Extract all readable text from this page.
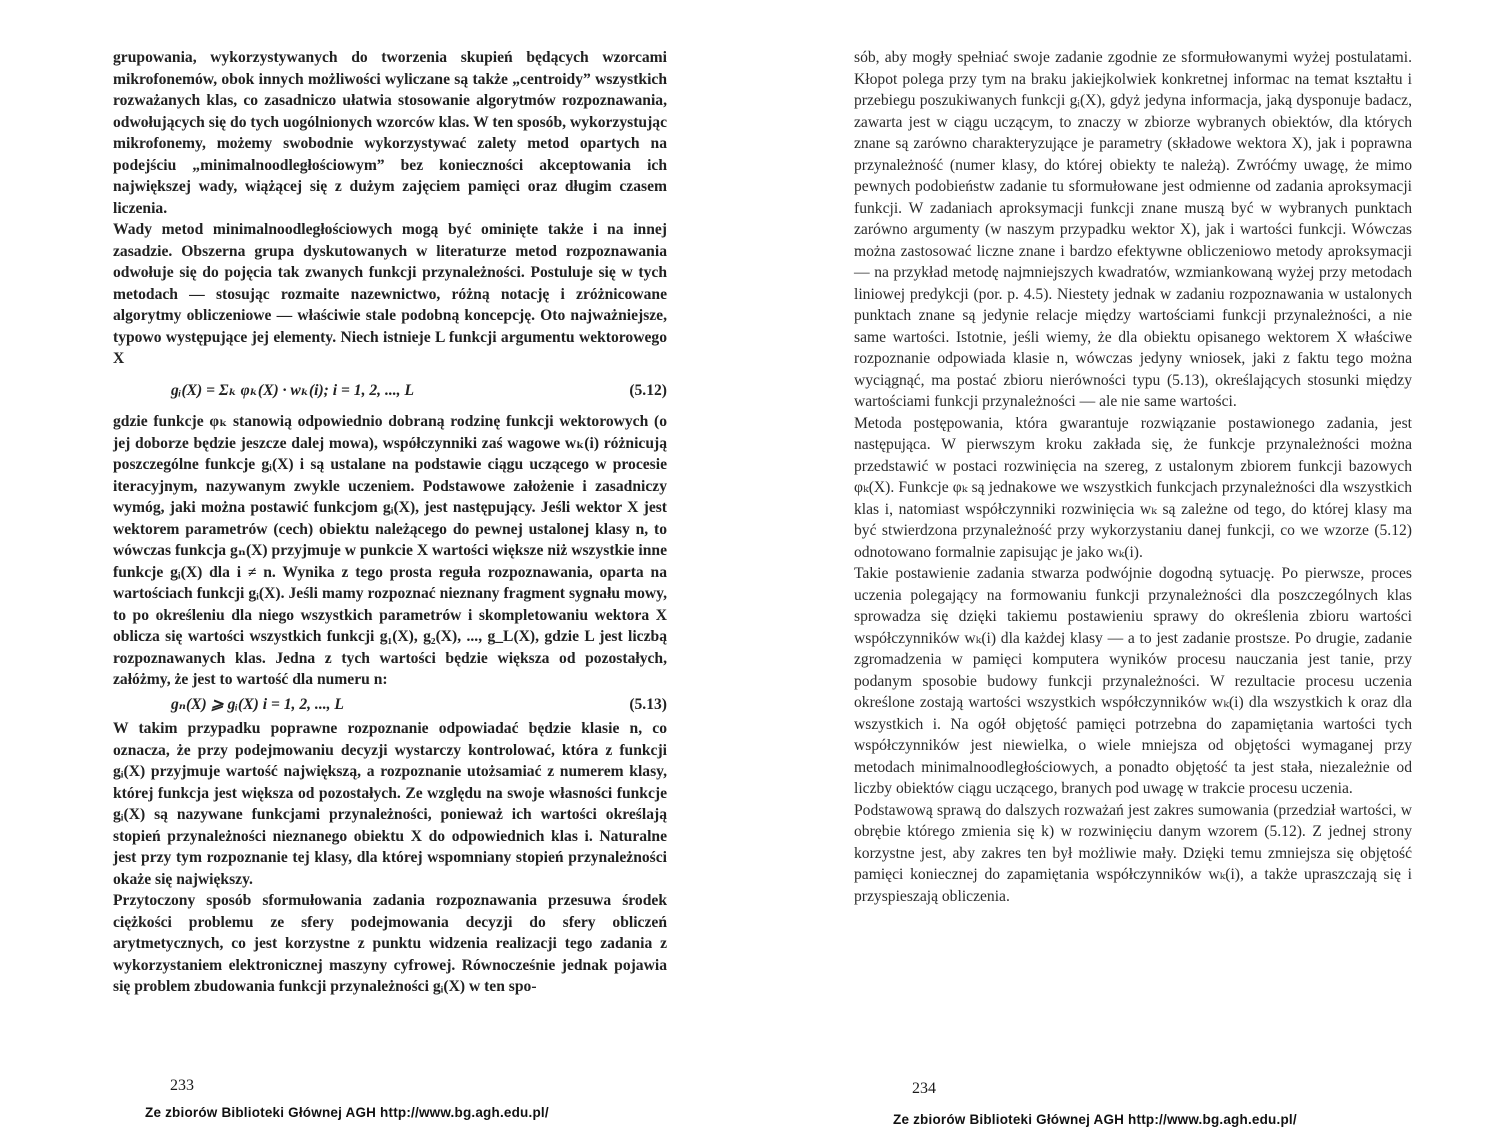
grupowania, wykorzystywanych do tworzenia skupień będących wzorcami mikrofonemów, obok innych możliwości wyliczane są także „centroidy” wszystkich rozważanych klas, co zasadniczo ułatwia stosowanie algorytmów rozpoznawania, odwołujących się do tych uogólnionych wzorców klas. W ten sposób, wykorzystując mikrofonemy, możemy swobodnie wykorzystywać zalety metod opartych na podejściu „minimalnoodległościowym” bez konieczności akceptowania ich największej wady, wiążącej się z dużym zajęciem pamięci oraz długim czasem liczenia.

Wady metod minimalnoodległościowych mogą być ominięte także i na innej zasadzie. Obszerna grupa dyskutowanych w literaturze metod rozpoznawania odwołuje się do pojęcia tak zwanych funkcji przynależności. Postuluje się w tych metodach — stosując rozmaite nazewnictwo, różną notację i zróżnicowane algorytmy obliczeniowe — właściwie stale podobną koncepcję. Oto najważniejsze, typowo występujące jej elementy. Niech istnieje L funkcji argumentu wektorowego X

gᵢ(X) = Σₖ φₖ(X) · wₖ(i); i = 1, 2, ..., L	(5.12)

gdzie funkcje φₖ stanowią odpowiednio dobraną rodzinę funkcji wektorowych (o jej doborze będzie jeszcze dalej mowa), współczynniki zaś wagowe wₖ(i) różnicują poszczególne funkcje gᵢ(X) i są ustalane na podstawie ciągu uczącego w procesie iteracyjnym, nazywanym zwykle uczeniem. Podstawowe założenie i zasadniczy wymóg, jaki można postawić funkcjom gᵢ(X), jest następujący. Jeśli wektor X jest wektorem parametrów (cech) obiektu należącego do pewnej ustalonej klasy n, to wówczas funkcja gₙ(X) przyjmuje w punkcie X wartości większe niż wszystkie inne funkcje gᵢ(X) dla i ≠ n. Wynika z tego prosta reguła rozpoznawania, oparta na wartościach funkcji gᵢ(X). Jeśli mamy rozpoznać nieznany fragment sygnału mowy, to po określeniu dla niego wszystkich parametrów i skompletowaniu wektora X oblicza się wartości wszystkich funkcji g₁(X), g₂(X), ..., g_L(X), gdzie L jest liczbą rozpoznawanych klas. Jedna z tych wartości będzie większa od pozostałych, załóżmy, że jest to wartość dla numeru n:

gₙ(X) ⩾ gᵢ(X) i = 1, 2, ..., L	(5.13)

W takim przypadku poprawne rozpoznanie odpowiadać będzie klasie n, co oznacza, że przy podejmowaniu decyzji wystarczy kontrolować, która z funkcji gᵢ(X) przyjmuje wartość największą, a rozpoznanie utożsamiać z numerem klasy, której funkcja jest większa od pozostałych. Ze względu na swoje własności funkcje gᵢ(X) są nazywane funkcjami przynależności, ponieważ ich wartości określają stopień przynależności nieznanego obiektu X do odpowiednich klas i. Naturalne jest przy tym rozpoznanie tej klasy, dla której wspomniany stopień przynależności okaże się największy.

Przytoczony sposób sformułowania zadania rozpoznawania przesuwa środek ciężkości problemu ze sfery podejmowania decyzji do sfery obliczeń arytmetycznych, co jest korzystne z punktu widzenia realizacji tego zadania z wykorzystaniem elektronicznej maszyny cyfrowej. Równocześnie jednak pojawia się problem zbudowania funkcji przynależności gᵢ(X) w ten spo-

233
Ze zbiorów Biblioteki Głównej AGH http://www.bg.agh.edu.pl/

sób, aby mogły spełniać swoje zadanie zgodnie ze sformułowanymi wyżej postulatami. Kłopot polega przy tym na braku jakiejkolwiek konkretnej informac na temat kształtu i przebiegu poszukiwanych funkcji gᵢ(X), gdyż jedyna informacja, jaką dysponuje badacz, zawarta jest w ciągu uczącym, to znaczy w zbiorze wybranych obiektów, dla których znane są zarówno charakteryzujące je parametry (składowe wektora X), jak i poprawna przynależność (numer klasy, do której obiekty te należą). Zwróćmy uwagę, że mimo pewnych podobieństw zadanie tu sformułowane jest odmienne od zadania aproksymacji funkcji. W zadaniach aproksymacji funkcji znane muszą być w wybranych punktach zarówno argumenty (w naszym przypadku wektor X), jak i wartości funkcji. Wówczas można zastosować liczne znane i bardzo efektywne obliczeniowo metody aproksymacji — na przykład metodę najmniejszych kwadratów, wzmiankowaną wyżej przy metodach liniowej predykcji (por. p. 4.5). Niestety jednak w zadaniu rozpoznawania w ustalonych punktach znane są jedynie relacje między wartościami funkcji przynależności, a nie same wartości. Istotnie, jeśli wiemy, że dla obiektu opisanego wektorem X właściwe rozpoznanie odpowiada klasie n, wówczas jedyny wniosek, jaki z faktu tego można wyciągnąć, ma postać zbioru nierówności typu (5.13), określających stosunki między wartościami funkcji przynależności — ale nie same wartości.

Metoda postępowania, która gwarantuje rozwiązanie postawionego zadania, jest następująca. W pierwszym kroku zakłada się, że funkcje przynależności można przedstawić w postaci rozwinięcia na szereg, z ustalonym zbiorem funkcji bazowych φₖ(X). Funkcje φₖ są jednakowe we wszystkich funkcjach przynależności dla wszystkich klas i, natomiast współczynniki rozwinięcia wₖ są zależne od tego, do której klasy ma być stwierdzona przynależność przy wykorzystaniu danej funkcji, co we wzorze (5.12) odnotowano formalnie zapisując je jako wₖ(i).

Takie postawienie zadania stwarza podwójnie dogodną sytuację. Po pierwsze, proces uczenia polegający na formowaniu funkcji przynależności dla poszczególnych klas sprowadza się dzięki takiemu postawieniu sprawy do określenia zbioru wartości współczynników wₖ(i) dla każdej klasy — a to jest zadanie prostsze. Po drugie, zadanie zgromadzenia w pamięci komputera wyników procesu nauczania jest tanie, przy podanym sposobie budowy funkcji przynależności. W rezultacie procesu uczenia określone zostają wartości wszystkich współczynników wₖ(i) dla wszystkich k oraz dla wszystkich i. Na ogół objętość pamięci potrzebna do zapamiętania wartości tych współczynników jest niewielka, o wiele mniejsza od objętości wymaganej przy metodach minimalnoodległościowych, a ponadto objętość ta jest stała, niezależnie od liczby obiektów ciągu uczącego, branych pod uwagę w trakcie procesu uczenia.

Podstawową sprawą do dalszych rozważań jest zakres sumowania (przedział wartości, w obrębie którego zmienia się k) w rozwinięciu danym wzorem (5.12). Z jednej strony korzystne jest, aby zakres ten był możliwie mały. Dzięki temu zmniejsza się objętość pamięci koniecznej do zapamiętania współczynników wₖ(i), a także upraszczają się i przyspieszają obliczenia.

234
Ze zbiorów Biblioteki Głównej AGH http://www.bg.agh.edu.pl/
